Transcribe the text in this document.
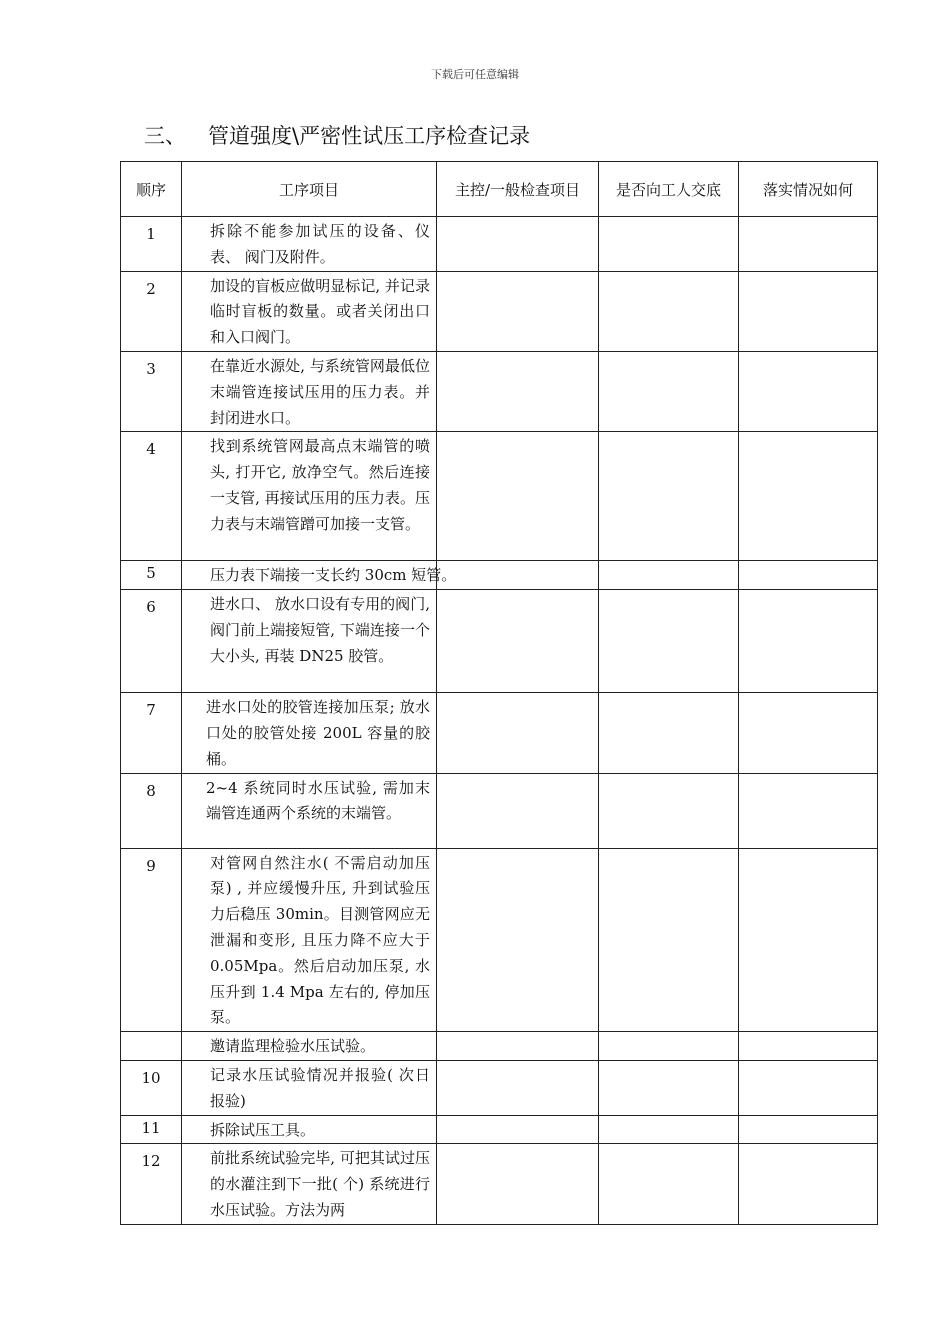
下载后可任意编辑
三、 管道强度\严密性试压工序检查记录
顺序	工序项目	主控/一般检查项目	是否向工人交底	落实情况如何
1	拆除不能参加试压的设备、仪表、 阀门及附件。			
2	加设的盲板应做明显标记, 并记录临时盲板的数量。或者关闭出口和入口阀门。			
3	在靠近水源处, 与系统管网最低位末端管连接试压用的压力表。并封闭进水口。			
4	找到系统管网最高点末端管的喷头, 打开它, 放净空气。然后连接一支管, 再接试压用的压力表。压力表与末端管蹭可加接一支管。			
5	压力表下端接一支长约 30cm 短管。			
6	进水口、 放水口设有专用的阀门, 阀门前上端接短管, 下端连接一个大小头, 再装 DN25 胶管。			
7	进水口处的胶管连接加压泵; 放水口处的胶管处接 200L 容量的胶桶。			
8	2~4 系统同时水压试验, 需加末端管连通两个系统的末端管。			
9	对管网自然注水( 不需启动加压泵) , 并应缓慢升压, 升到试验压力后稳压 30min。目测管网应无泄漏和变形, 且压力降不应大于 0.05Mpa。然后启动加压泵, 水压升到 1.4 Mpa 左右的, 停加压泵。			
	邀请监理检验水压试验。			
10	记录水压试验情况并报验( 次日报验)			
11	拆除试压工具。			
12	前批系统试验完毕, 可把其试过压的水灌注到下一批( 个) 系统进行水压试验。方法为两			
